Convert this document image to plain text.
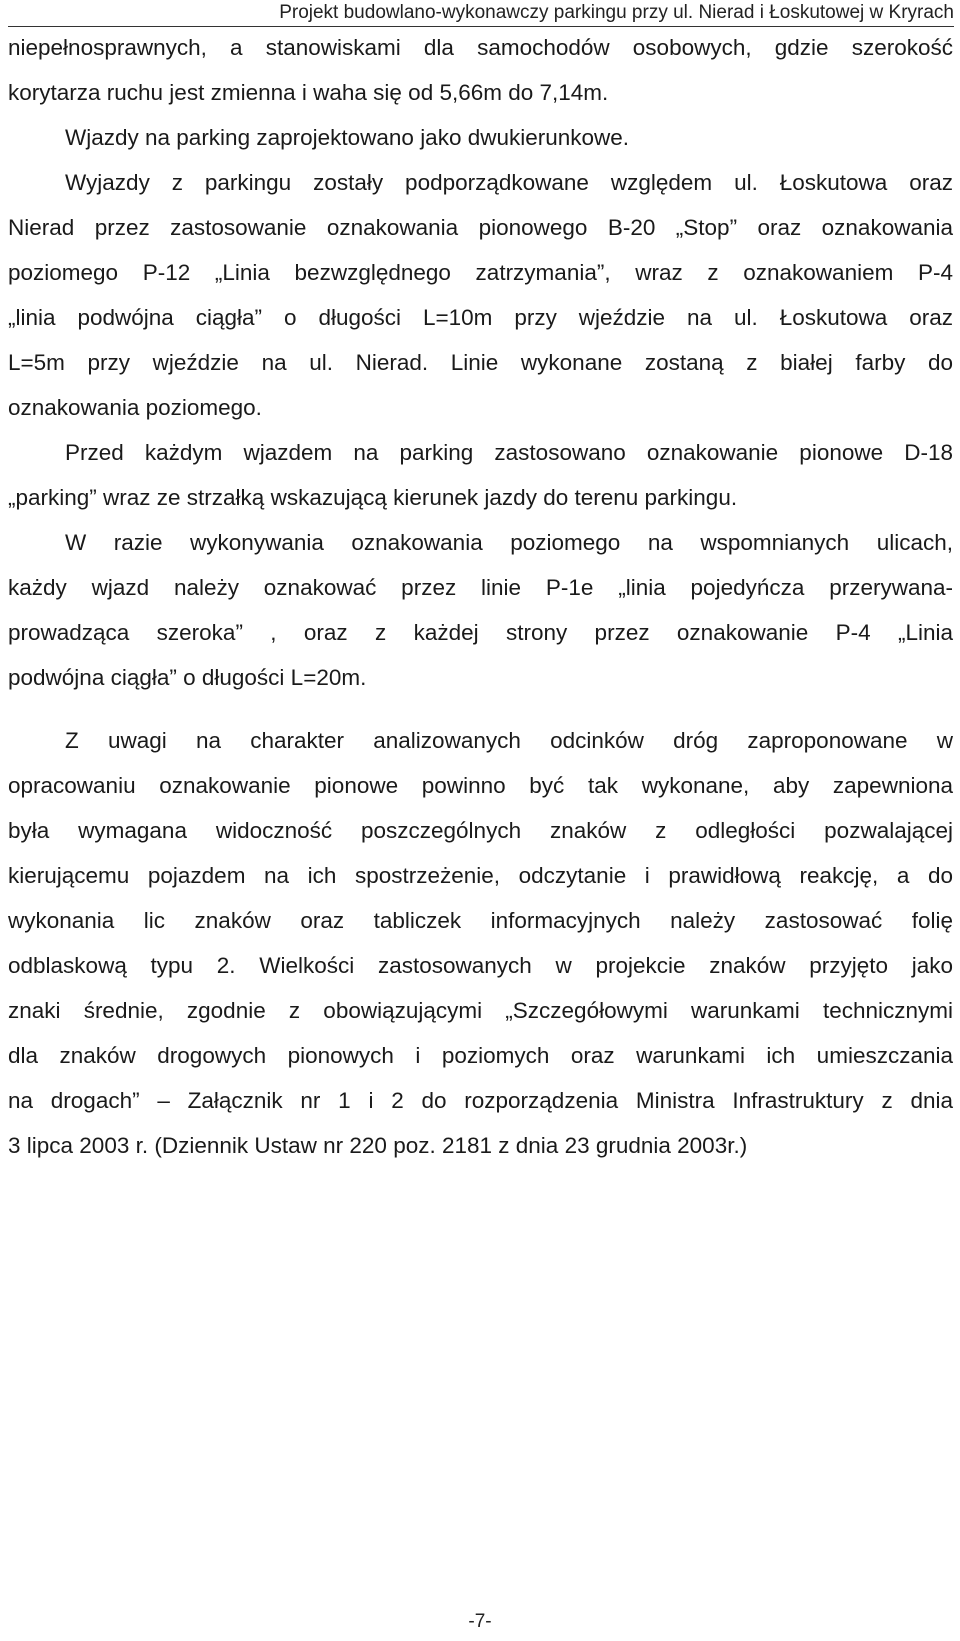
Projekt budowlano-wykonawczy parkingu przy ul. Nierad i Łoskutowej w Kryrach
niepełnosprawnych, a stanowiskami dla samochodów osobowych, gdzie szerokość
korytarza ruchu jest zmienna i waha się od 5,66m do 7,14m.
Wjazdy na parking zaprojektowano jako dwukierunkowe.
Wyjazdy z parkingu zostały podporządkowane względem ul. Łoskutowa oraz
Nierad przez zastosowanie oznakowania pionowego B-20 „Stop” oraz oznakowania
poziomego P-12 „Linia bezwzględnego zatrzymania”, wraz z oznakowaniem P-4
„linia podwójna ciągła” o długości L=10m przy wjeździe na ul. Łoskutowa oraz
L=5m przy wjeździe na ul. Nierad. Linie wykonane zostaną z białej farby do
oznakowania poziomego.
Przed każdym wjazdem na parking zastosowano oznakowanie pionowe D-18
„parking” wraz ze strzałką wskazującą kierunek jazdy do terenu parkingu.
W razie wykonywania oznakowania poziomego na wspomnianych ulicach,
każdy wjazd należy oznakować przez linie P-1e „linia pojedyńcza przerywana-
prowadząca szeroka” , oraz z każdej strony przez oznakowanie P-4 „Linia
podwójna ciągła” o długości L=20m.
Z uwagi na charakter analizowanych odcinków dróg zaproponowane w
opracowaniu oznakowanie pionowe powinno być tak wykonane, aby zapewniona
była wymagana widoczność poszczególnych znaków z odległości pozwalającej
kierującemu pojazdem na ich spostrzeżenie, odczytanie i prawidłową reakcję, a do
wykonania lic znaków oraz tabliczek informacyjnych należy zastosować folię
odblaskową typu 2. Wielkości zastosowanych w projekcie znaków przyjęto jako
znaki średnie, zgodnie z obowiązującymi „Szczegółowymi warunkami technicznymi
dla znaków drogowych pionowych i poziomych oraz warunkami ich umieszczania
na drogach” – Załącznik nr 1 i 2 do rozporządzenia Ministra Infrastruktury z dnia
3 lipca 2003 r. (Dziennik Ustaw nr 220 poz. 2181 z dnia 23 grudnia 2003r.)
-7-
